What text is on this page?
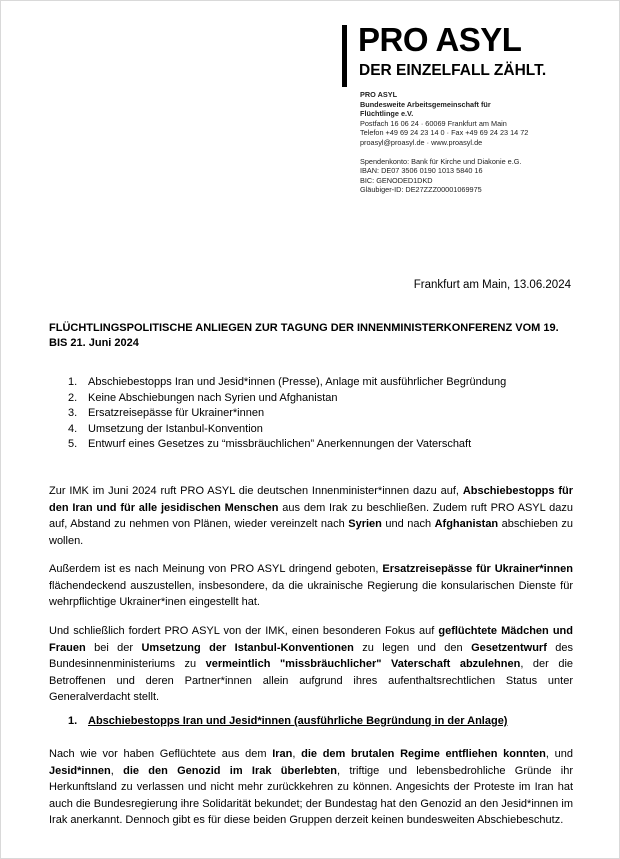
PRO ASYL
DER EINZELFALL ZÄHLT.
PRO ASYL
Bundesweite Arbeitsgemeinschaft für
Flüchtlinge e.V.
Postfach 16 06 24 · 60069 Frankfurt am Main
Telefon +49 69 24 23 14 0 · Fax +49 69 24 23 14 72
proasyl@proasyl.de · www.proasyl.de
Spendenkonto: Bank für Kirche und Diakonie e.G.
IBAN: DE07 3506 0190 1013 5840 16
BIC: GENODED1DKD
Gläubiger-ID: DE27ZZZ00001069975
Frankfurt am Main, 13.06.2024
FLÜCHTLINGSPOLITISCHE ANLIEGEN ZUR TAGUNG DER INNENMINISTERKONFERENZ VOM 19. BIS 21. Juni 2024
1. Abschiebestopps Iran und Jesid*innen (Presse), Anlage mit ausführlicher Begründung
2. Keine Abschiebungen nach Syrien und Afghanistan
3. Ersatzreisepässe für Ukrainer*innen
4. Umsetzung der Istanbul-Konvention
5. Entwurf eines Gesetzes zu “missbräuchlichen” Anerkennungen der Vaterschaft
Zur IMK im Juni 2024 ruft PRO ASYL die deutschen Innenminister*innen dazu auf, Abschiebestopps für den Iran und für alle jesidischen Menschen aus dem Irak zu beschließen. Zudem ruft PRO ASYL dazu auf, Abstand zu nehmen von Plänen, wieder vereinzelt nach Syrien und nach Afghanistan abschieben zu wollen.
Außerdem ist es nach Meinung von PRO ASYL dringend geboten, Ersatzreisepässe für Ukrainer*innen flächendeckend auszustellen, insbesondere, da die ukrainische Regierung die konsularischen Dienste für wehrpflichtige Ukrainer*inen eingestellt hat.
Und schließlich fordert PRO ASYL von der IMK, einen besonderen Fokus auf geflüchtete Mädchen und Frauen bei der Umsetzung der Istanbul-Konventionen zu legen und den Gesetzentwurf des Bundesinnenministeriums zu vermeintlich "missbräuchlicher" Vaterschaft abzulehnen, der die Betroffenen und deren Partner*innen allein aufgrund ihres aufenthaltsrechtlichen Status unter Generalverdacht stellt.
1. Abschiebestopps Iran und Jesid*innen (ausführliche Begründung in der Anlage)
Nach wie vor haben Geflüchtete aus dem Iran, die dem brutalen Regime entfliehen konnten, und Jesid*innen, die den Genozid im Irak überlebten, triftige und lebensbedrohliche Gründe ihr Herkunftsland zu verlassen und nicht mehr zurückkehren zu können. Angesichts der Proteste im Iran hat auch die Bundesregierung ihre Solidarität bekundet; der Bundestag hat den Genozid an den Jesid*innen im Irak anerkannt. Dennoch gibt es für diese beiden Gruppen derzeit keinen bundesweiten Abschiebeschutz.
